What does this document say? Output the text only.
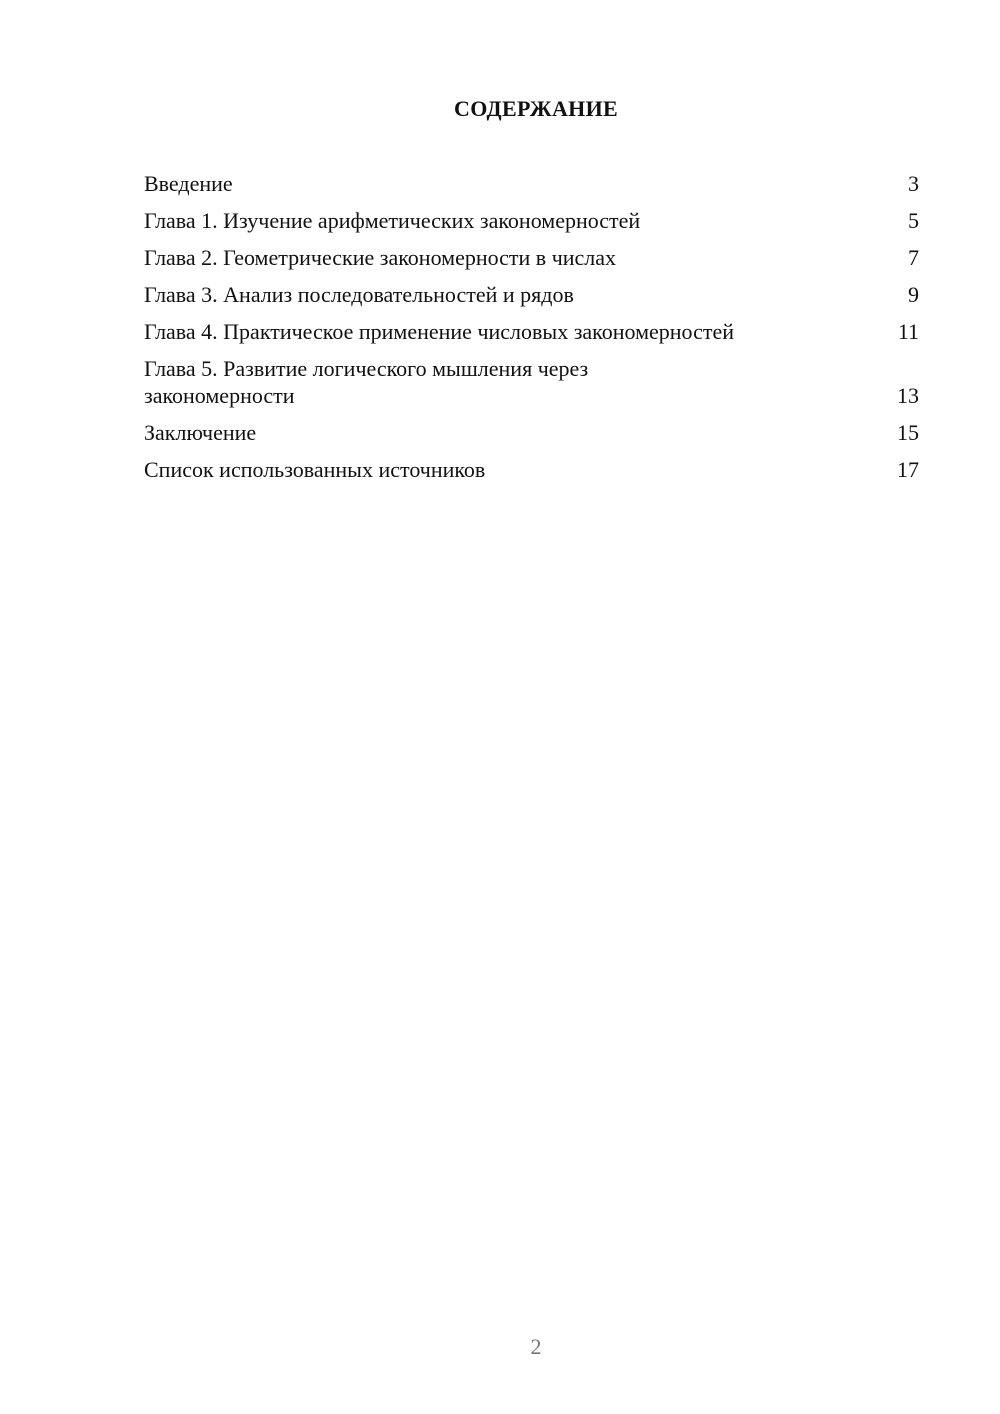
СОДЕРЖАНИЕ
Введение	3
Глава 1. Изучение арифметических закономерностей	5
Глава 2. Геометрические закономерности в числах	7
Глава 3. Анализ последовательностей и рядов	9
Глава 4. Практическое применение числовых закономерностей	11
Глава 5. Развитие логического мышления через закономерности	13
Заключение	15
Список использованных источников	17
2
